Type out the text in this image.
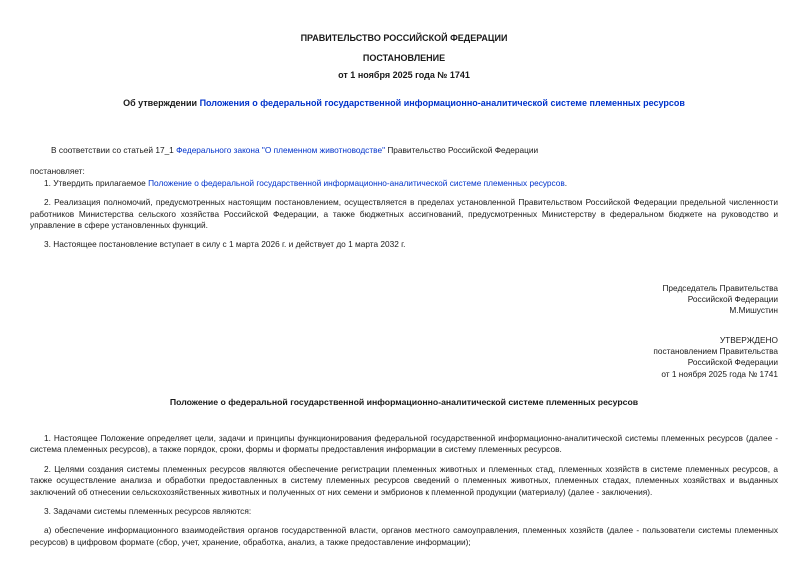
ПРАВИТЕЛЬСТВО РОССИЙСКОЙ ФЕДЕРАЦИИ
ПОСТАНОВЛЕНИЕ
от 1 ноября 2025 года № 1741
Об утверждении Положения о федеральной государственной информационно-аналитической системе племенных ресурсов

В соответствии со статьей 17_1 Федерального закона "О племенном животноводстве" Правительство Российской Федерации

постановляет:

1. Утвердить прилагаемое Положение о федеральной государственной информационно-аналитической системе племенных ресурсов.

2. Реализация полномочий, предусмотренных настоящим постановлением, осуществляется в пределах установленной Правительством Российской Федерации предельной численности работников Министерства сельского хозяйства Российской Федерации, а также бюджетных ассигнований, предусмотренных Министерству в федеральном бюджете на руководство и управление в сфере установленных функций.

3. Настоящее постановление вступает в силу с 1 марта 2026 г. и действует до 1 марта 2032 г.

Председатель Правительства
Российской Федерации
М.Мишустин
УТВЕРЖДЕНО
постановлением Правительства
Российской Федерации
от 1 ноября 2025 года № 1741
Положение о федеральной государственной информационно-аналитической системе племенных ресурсов

1. Настоящее Положение определяет цели, задачи и принципы функционирования федеральной государственной информационно-аналитической системы племенных ресурсов (далее - система племенных ресурсов), а также порядок, сроки, формы и форматы предоставления информации в систему племенных ресурсов.

2. Целями создания системы племенных ресурсов являются обеспечение регистрации племенных животных и племенных стад, племенных хозяйств в системе племенных ресурсов, а также осуществление анализа и обработки предоставленных в систему племенных ресурсов сведений о племенных животных, племенных стадах, племенных хозяйствах и выданных заключений об отнесении сельскохозяйственных животных и полученных от них семени и эмбрионов к племенной продукции (материалу) (далее - заключения).

3. Задачами системы племенных ресурсов являются:

а) обеспечение информационного взаимодействия органов государственной власти, органов местного самоуправления, племенных хозяйств (далее - пользователи системы племенных ресурсов) в цифровом формате (сбор, учет, хранение, обработка, анализ, а также предоставление информации);
